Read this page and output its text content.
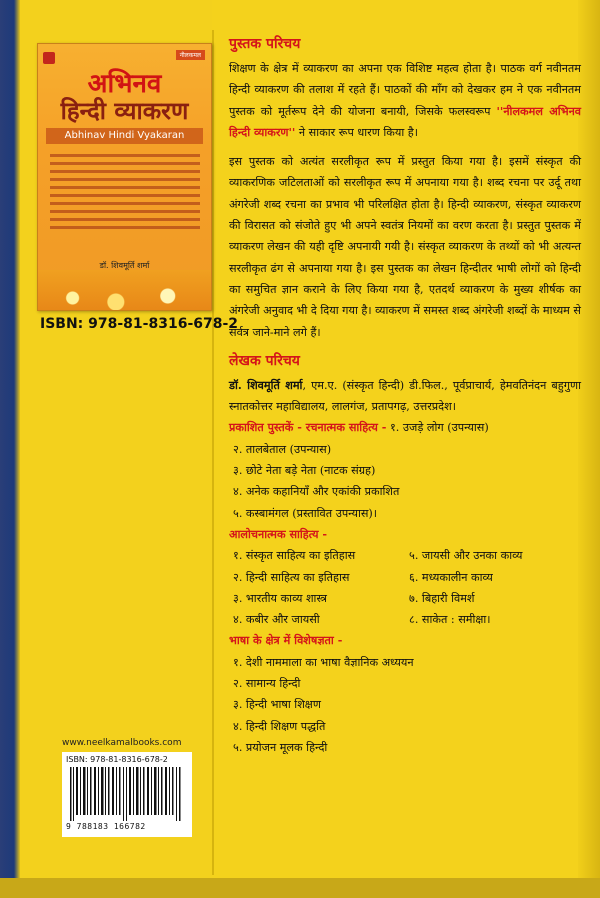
नीलकमल
अभिनव
हिन्दी व्याकरण
Abhinav Hindi Vyakaran
डॉ. शिवमूर्ति शर्मा
ISBN: 978-81-8316-678-2
www.neelkamalbooks.com
ISBN: 978-81-8316-678-2
9 788183 166782
पुस्तक परिचय

शिक्षण के क्षेत्र में व्याकरण का अपना एक विशिष्ट महत्व होता है। पाठक वर्ग नवीनतम हिन्दी व्याकरण की तलाश में रहते हैं। पाठकों की माँग को देखकर हम ने एक नवीनतम पुस्तक को मूर्तरूप देने की योजना बनायी, जिसके फलस्वरूप ''नीलकमल अभिनव हिन्दी व्याकरण'' ने साकार रूप धारण किया है।

इस पुस्तक को अत्यंत सरलीकृत रूप में प्रस्तुत किया गया है। इसमें संस्कृत की व्याकरणिक जटिलताओं को सरलीकृत रूप में अपनाया गया है। शब्द रचना पर उर्दू तथा अंगरेजी शब्द रचना का प्रभाव भी परिलक्षित होता है। हिन्दी व्याकरण, संस्कृत व्याकरण की विरासत को संजोते हुए भी अपने स्वतंत्र नियमों का वरण करता है। प्रस्तुत पुस्तक में व्याकरण लेखन की यही दृष्टि अपनायी गयी है। संस्कृत व्याकरण के तथ्यों को भी अत्यन्त सरलीकृत ढंग से अपनाया गया है। इस पुस्तक का लेखन हिन्दीतर भाषी लोगों को हिन्दी का समुचित ज्ञान कराने के लिए किया गया है, एतदर्थ व्याकरण के मुख्य शीर्षक का अंगरेजी अनुवाद भी दे दिया गया है। व्याकरण में समस्त शब्द अंगरेजी शब्दों के माध्यम से सर्वत्र जाने-माने लगे हैं।

लेखक परिचय

डॉ. शिवमूर्ति शर्मा, एम.ए. (संस्कृत हिन्दी) डी.फिल., पूर्वप्राचार्य, हेमवतिनंदन बहुगुणा स्नातकोत्तर महाविद्यालय, लालगंज, प्रतापगढ़, उत्तरप्रदेश।

प्रकाशित पुस्तकें - रचनात्मक साहित्य - १. उजड़े लोग (उपन्यास)

२. तालबेताल (उपन्यास)
३. छोटे नेता बड़े नेता (नाटक संग्रह)
४. अनेक कहानियाँ और एकांकी प्रकाशित
५. कस्बामंगल (प्रस्तावित उपन्यास)।

आलोचनात्मक साहित्य -

१. संस्कृत साहित्य का इतिहास	५. जायसी और उनका काव्य
२. हिन्दी साहित्य का इतिहास	६. मध्यकालीन काव्य
३. भारतीय काव्य शास्त्र	७. बिहारी विमर्श
४. कबीर और जायसी	८. साकेत : समीक्षा।

भाषा के क्षेत्र में विशेषज्ञता -

१. देशी नाममाला का भाषा वैज्ञानिक अध्ययन
२. सामान्य हिन्दी
३. हिन्दी भाषा शिक्षण
४. हिन्दी शिक्षण पद्धति
५. प्रयोजन मूलक हिन्दी
